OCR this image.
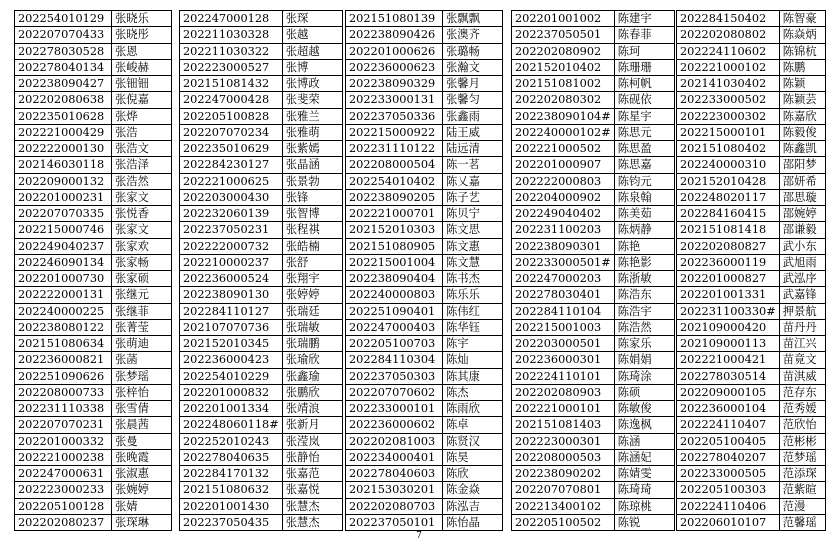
202254010129	张晓乐
202207070433	张晓彤
202278030528	张恩
202278040134	张峻赫
202238090427	张钿钿
202202080638	张倪嘉
202235010628	张烨
202221000429	张浩
202222000130	张浩文
202146030118	张浩泽
202209000132	张浩然
202201000231	张家文
202207070335	张悦香
202215000746	张家文
202249040237	张家欢
202246090134	张家畅
202201000730	张家硕
202222000131	张继元
202240000225	张继菲
202238080122	张菁莹
202151080634	张萌迪
202236000821	张菡
202251090626	张梦瑶
202208000733	张梓怡
202231110338	张雪倩
202207070231	张晨茜
202201000332	张曼
202221000238	张晚霞
202247000631	张淑惠
202223000233	张婉婷
202205100128	张婧
202202080237	张琛琳
202247000128	张琛
202211030328	张越
202211030322	张超越
202223000527	张博
202151081432	张博政
202247000428	张斐荣
202205100828	张雅兰
202207070234	张雅萌
202235010629	张紫嫣
202284230127	张晶涵
202221000625	张景勃
202203000430	张锋
202232060139	张智博
202237050231	张程祺
202222000732	张皓楠
202210000237	张舒
202236000524	张翔宇
202238090130	张婷婷
202284110127	张瑞廷
202107070736	张瑞敏
202152010345	张瑞鹏
202236000423	张瑜欣
202254010229	张鑫瑜
202201000832	张鹏欣
202201001334	张靖浪
202248060118#	张新月
202252010243	张滢岚
202278040635	张静怡
202284170132	张嘉范
202151080632	张嘉悦
202201001430	张慧杰
202237050435	张慧杰
202151080139	张飘飘
202238090426	张澳齐
202201000626	张璐畅
202236000623	张瀚文
202238090329	张馨月
202233000131	张馨匀
202237050336	张鑫雨
202215000922	陆王威
202231110122	陆远清
202208000504	陈一茗
202254010402	陈乂嘉
202238090205	陈子艺
202221000701	陈贝宁
202152010303	陈文思
202151080905	陈文惠
202215001004	陈文慧
202238090404	陈书杰
202240000803	陈乐乐
202251090401	陈伟红
202247000403	陈华钰
202205100703	陈宇
202284110304	陈灿
202237050303	陈其康
202207070602	陈杰
202233000101	陈雨欣
202236000602	陈卓
202202081003	陈贤汉
202234000401	陈昊
202278040603	陈欣
202153030201	陈金焱
202202080703	陈泓吉
202237050101	陈怡晶
202201001002	陈建宇
202237050501	陈春菲
202202080902	陈珂
202152010402	陈珊珊
202151081002	陈柯帆
202202080302	陈砚依
202238090104#	陈星宇
202240000102#	陈思元
202221000502	陈思盈
202201000907	陈思嘉
202222000803	陈钧元
202204000902	陈泉翰
202249040402	陈美茹
202231100203	陈炳静
202238090301	陈艳
202233000501#	陈艳影
202247000203	陈浙敏
202278030401	陈浩东
202284110104	陈浩宇
202215001003	陈浩然
202203000501	陈家乐
202236000301	陈娟娟
202224110101	陈琦涂
202202080903	陈硕
202221000101	陈敏俊
202151081403	陈逸枫
202223000301	陈涵
202208000503	陈涵妃
202238090202	陈婧雯
202207070801	陈琦琦
202213400102	陈琼桃
202205100502	陈锐
202284150402	陈智豪
202202080802	陈焱炳
202224110602	陈锦杭
202221000102	陈鹏
202141030402	陈颖
202233000502	陈颖芸
202223000302	陈嘉欣
202215000101	陈毅俊
202151080402	陈鑫凯
202240000310	邵阳梦
202152010428	邵妍希
202248020117	邵思璇
202284160415	邵婉婷
202151081418	邵谦毅
202202080827	武小东
202236000119	武旭雨
202201000827	武泓序
202201001331	武嘉锋
202231100330#	押景航
202109000420	苗丹丹
202109000113	苗江兴
202221000421	苗竟文
202278030514	苗淇威
202209000105	范存东
202236000104	范秀嫒
202224110407	范欣怡
202205100405	范彬彬
202278040207	范梦瑶
202233000505	范添琛
202205100303	范紫暄
202224110406	范漫
202206010107	范馨瑶
7
